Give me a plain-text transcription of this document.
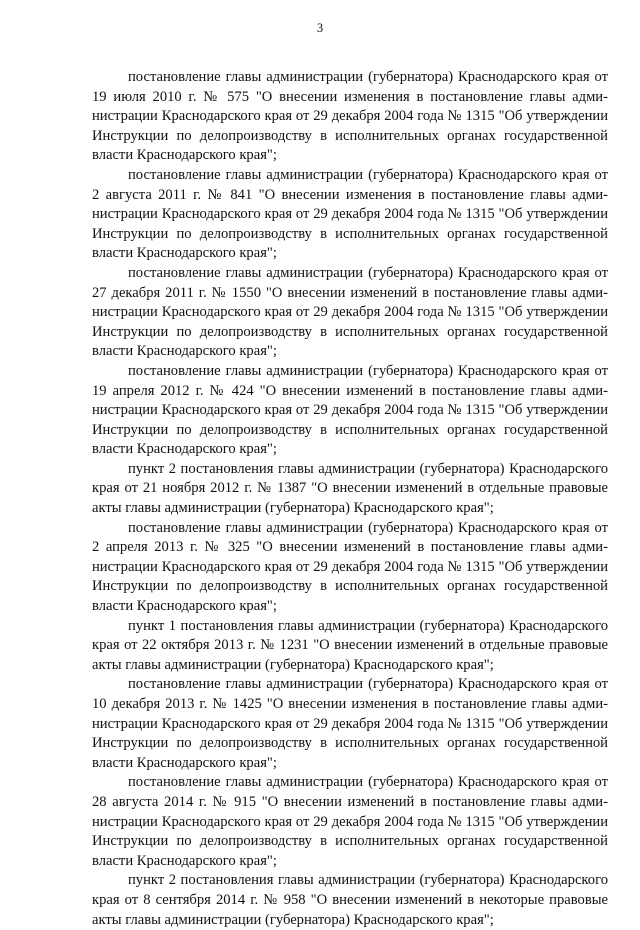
3

постановление главы администрации (губернатора) Краснодарского края от 19 июля 2010 г. № 575 "О внесении изменения в постановление главы администрации Краснодарского края от 29 декабря 2004 года № 1315 "Об утверждении Инструкции по делопроизводству в исполнительных органах государственной власти Краснодарского края";

постановление главы администрации (губернатора) Краснодарского края от 2 августа 2011 г. № 841 "О внесении изменения в постановление главы администрации Краснодарского края от 29 декабря 2004 года № 1315 "Об утверждении Инструкции по делопроизводству в исполнительных органах государственной власти Краснодарского края";

постановление главы администрации (губернатора) Краснодарского края от 27 декабря 2011 г. № 1550 "О внесении изменений в постановление главы администрации Краснодарского края от 29 декабря 2004 года № 1315 "Об утверждении Инструкции по делопроизводству в исполнительных органах государственной власти Краснодарского края";

постановление главы администрации (губернатора) Краснодарского края от 19 апреля 2012 г. № 424 "О внесении изменений в постановление главы администрации Краснодарского края от 29 декабря 2004 года № 1315 "Об утверждении Инструкции по делопроизводству в исполнительных органах государственной власти Краснодарского края";

пункт 2 постановления главы администрации (губернатора) Краснодарского края от 21 ноября 2012 г. № 1387 "О внесении изменений в отдельные правовые акты главы администрации (губернатора) Краснодарского края";

постановление главы администрации (губернатора) Краснодарского края от 2 апреля 2013 г. № 325 "О внесении изменений в постановление главы администрации Краснодарского края от 29 декабря 2004 года № 1315 "Об утверждении Инструкции по делопроизводству в исполнительных органах государственной власти Краснодарского края";

пункт 1 постановления главы администрации (губернатора) Краснодарского края от 22 октября 2013 г. № 1231 "О внесении изменений в отдельные правовые акты главы администрации (губернатора) Краснодарского края";

постановление главы администрации (губернатора) Краснодарского края от 10 декабря 2013 г. № 1425 "О внесении изменения в постановление главы администрации Краснодарского края от 29 декабря 2004 года № 1315 "Об утверждении Инструкции по делопроизводству в исполнительных органах государственной власти Краснодарского края";

постановление главы администрации (губернатора) Краснодарского края от 28 августа 2014 г. № 915 "О внесении изменений в постановление главы администрации Краснодарского края от 29 декабря 2004 года № 1315 "Об утверждении Инструкции по делопроизводству в исполнительных органах государственной власти Краснодарского края";

пункт 2 постановления главы администрации (губернатора) Краснодарского края от 8 сентября 2014 г. № 958 "О внесении изменений в некоторые правовые акты главы администрации (губернатора) Краснодарского края";
